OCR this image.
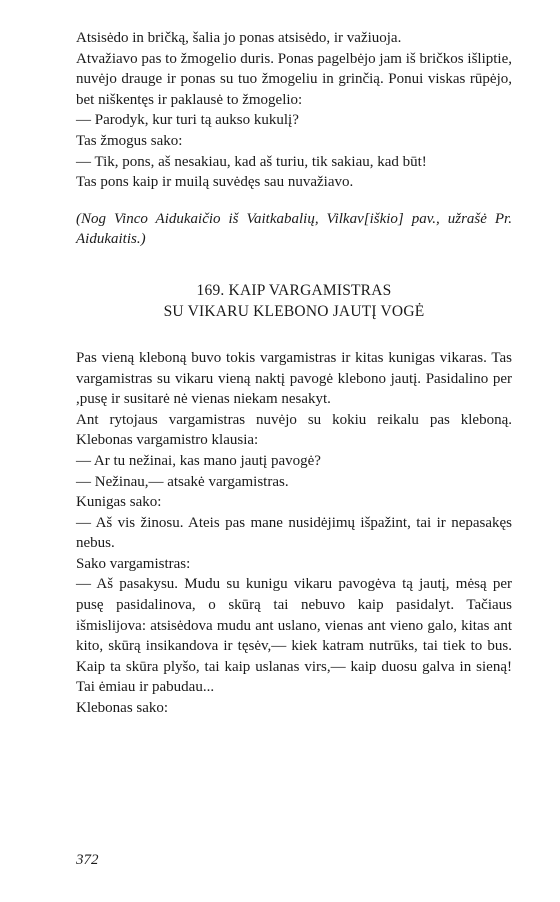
Atsisėdo in bričką, šalia jo ponas atsisėdo, ir važiuoja.

Atvažiavo pas to žmogelio duris. Ponas pagelbėjo jam iš bričkos išliptie, nuvėjo drauge ir ponas su tuo žmogeliu in grinčią. Ponui viskas rūpėjo, bet niškentęs ir paklausė to žmogelio:

— Parodyk, kur turi tą aukso kukulį?

Tas žmogus sako:

— Tik, pons, aš nesakiau, kad aš turiu, tik sakiau, kad būt!

Tas pons kaip ir muilą suvėdęs sau nuvažiavo.

(Nog Vinco Aidukaičio iš Vaitkabalių, Vilkav[iškio] pav., užrašė Pr. Aidukaitis.)

169. KAIP VARGAMISTRAS
SU VIKARU KLEBONO JAUTĮ VOGĖ

Pas vieną kleboną buvo tokis vargamistras ir kitas kunigas vikaras. Tas vargamistras su vikaru vieną naktį pavogė klebono jautį. Pasidalino per ,pusę ir susitarė nė vienas niekam nesakyt.

Ant rytojaus vargamistras nuvėjo su kokiu reikalu pas kleboną. Klebonas vargamistro klausia:

— Ar tu nežinai, kas mano jautį pavogė?

— Nežinau,— atsakė vargamistras.

Kunigas sako:

— Aš vis žinosu. Ateis pas mane nusidėjimų išpažint, tai ir nepasakęs nebus.

Sako vargamistras:

— Aš pasakysu. Mudu su kunigu vikaru pavogėva tą jautį, mėsą per pusę pasidalinova, o skūrą tai nebuvo kaip pasidalyt. Tačiaus išmislijova: atsisėdova mudu ant uslano, vienas ant vieno galo, kitas ant kito, skūrą insikandova ir tęsėv,— kiek katram nutrūks, tai tiek to bus. Kaip ta skūra plyšo, tai kaip uslanas virs,— kaip duosu galva in sieną! Tai ėmiau ir pabudau...

Klebonas sako:

372
